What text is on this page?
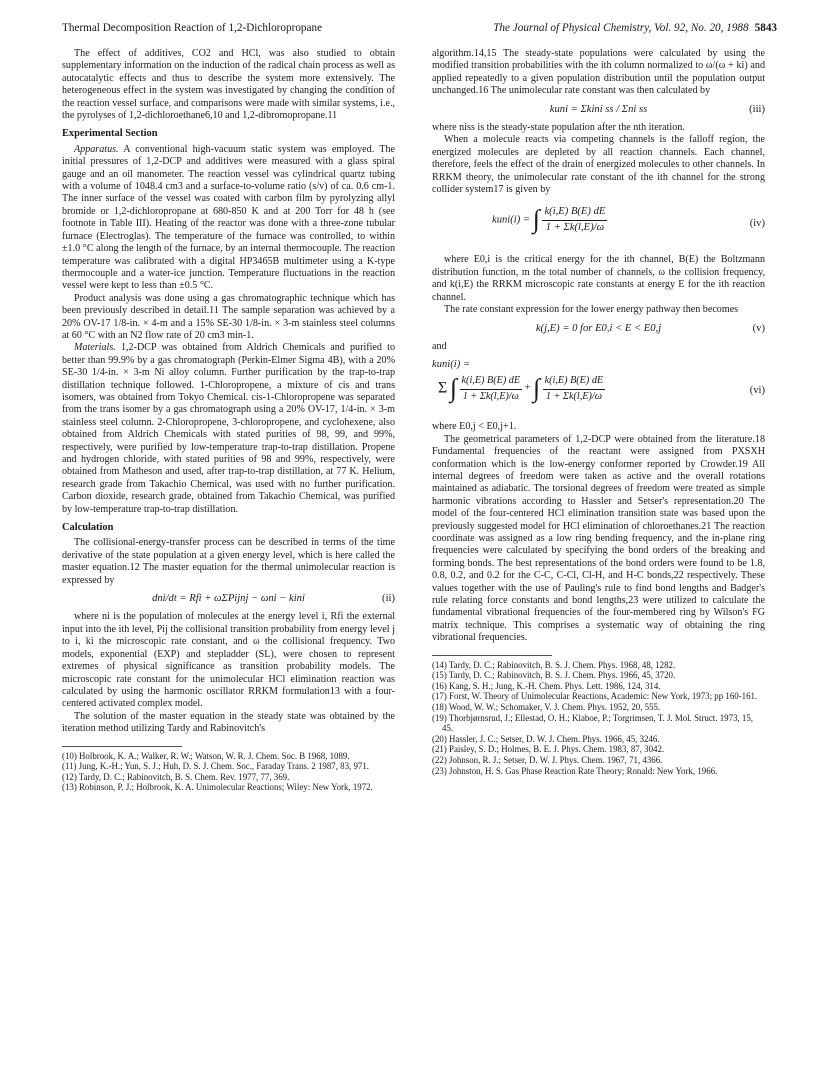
Thermal Decomposition Reaction of 1,2-Dichloropropane	The Journal of Physical Chemistry, Vol. 92, No. 20, 1988 5843

The effect of additives, CO2 and HCl, was also studied to obtain supplementary information on the induction of the radical chain process as well as autocatalytic effects and thus to describe the system more extensively. The heterogeneous effect in the system was investigated by changing the condition of the reaction vessel surface, and comparisons were made with similar systems, i.e., the pyrolyses of 1,2-dichloroethane6,10 and 1,2-dibromopropane.11

Experimental Section

Apparatus. A conventional high-vacuum static system was employed. The initial pressures of 1,2-DCP and additives were measured with a glass spiral gauge and an oil manometer. The reaction vessel was cylindrical quartz tubing with a volume of 1048.4 cm3 and a surface-to-volume ratio (s/v) of ca. 0.6 cm-1. The inner surface of the vessel was coated with carbon film by pyrolyzing allyl bromide or 1,2-dichloropropane at 680-850 K and at 200 Torr for 48 h (see footnote in Table III). Heating of the reactor was done with a three-zone tubular furnace (Electroglas). The temperature of the furnace was controlled, to within ±1.0 °C along the length of the furnace, by an internal thermocouple. The reaction temperature was calibrated with a digital HP3465B multimeter using a K-type thermocouple and a water-ice junction. Temperature fluctuations in the reaction vessel were kept to less than ±0.5 °C.

Product analysis was done using a gas chromatographic technique which has been previously described in detail.11 The sample separation was achieved by a 20% OV-17 1/8-in. × 4-m and a 15% SE-30 1/8-in. × 3-m stainless steel columns at 60 °C with an N2 flow rate of 20 cm3 min-1.

Materials. 1,2-DCP was obtained from Aldrich Chemicals and purified to better than 99.9% by a gas chromatograph (Perkin-Elmer Sigma 4B), with a 20% SE-30 1/4-in. × 3-m Ni alloy column. Further purification by the trap-to-trap distillation technique followed. 1-Chloropropene, a mixture of cis and trans isomers, was obtained from Tokyo Chemical. cis-1-Chloropropene was separated from the trans isomer by a gas chromatograph using a 20% OV-17, 1/4-in. × 3-m stainless steel column. 2-Chloropropene, 3-chloropropene, and cyclohexene, also obtained from Aldrich Chemicals with stated purities of 98, 99, and 99%, respectively, were purified by low-temperature trap-to-trap distillation. Propene and hydrogen chloride, with stated purities of 98 and 99%, respectively, were obtained from Matheson and used, after trap-to-trap distillation, at 77 K. Helium, research grade from Takachio Chemical, was used with no further purification. Carbon dioxide, research grade, obtained from Takachio Chemical, was purified by low-temperature trap-to-trap distillation.

Calculation

The collisional-energy-transfer process can be described in terms of the time derivative of the state population at a given energy level, which is here called the master equation.12 The master equation for the thermal unimolecular reaction is expressed by

dni/dt = Rfi + ωΣPijnj − ωni − kini	(ii)

where ni is the population of molecules at the energy level i, Rfi the external input into the ith level, Pij the collisional transition probability from energy level j to i, ki the microscopic rate constant, and ω the collisional frequency. Two models, exponential (EXP) and stepladder (SL), were chosen to represent extremes of physical significance as transition probability models. The microscopic rate constant for the unimolecular HCl elimination reaction was calculated by using the harmonic oscillator RRKM formulation13 with a four-centered activated complex model.

The solution of the master equation in the steady state was obtained by the iteration method utilizing Tardy and Rabinovitch's

(10) Holbrook, K. A.; Walker, R. W.; Watson, W. R. J. Chem. Soc. B 1968, 1089.

(11) Jung, K.-H.; Yun, S. J.; Huh, D. S. J. Chem. Soc., Faraday Trans. 2 1987, 83, 971.

(12) Tardy, D. C.; Rabinovitch, B. S. Chem. Rev. 1977, 77, 369.

(13) Robinson, P. J.; Holbrook, K. A. Unimolecular Reactions; Wiley: New York, 1972.

algorithm.14,15 The steady-state populations were calculated by using the modified transition probabilities with the ith column normalized to ω/(ω + ki) and applied repeatedly to a given population distribution until the population output unchanged.16 The unimolecular rate constant was then calculated by

kuni = Σkini ss / Σni ss	(iii)

where niss is the steady-state population after the nth iteration.

When a molecule reacts via competing channels is the falloff region, the energized molecules are depleted by all reaction channels. Each channel, therefore, feels the effect of the drain of energized molecules to other channels. In RRKM theory, the unimolecular rate constant of the ith channel for the strong collider system17 is given by

kuni(i) = ∫ $\frac{k(i,E) B(E) dE}{1 + \Sigma k(l,E)/\omega}$	(iv)

where E0,i is the critical energy for the ith channel, B(E) the Boltzmann distribution function, m the total number of channels, ω the collision frequency, and k(i,E) the RRKM microscopic rate constants at energy E for the ith reaction channel.

The rate constant expression for the lower energy pathway then becomes

k(j,E) = 0 for E0,i < E < E0,j	(v)

and

kuni(i) =
Σ ∫ $\frac{k(i,E) B(E) dE}{1 + \Sigma k(l,E)/\omega}$ + ∫ $\frac{k(i,E) B(E) dE}{1 + \Sigma k(l,E)/\omega}$	(vi)

where E0,j < E0,j+1.

The geometrical parameters of 1,2-DCP were obtained from the literature.18 Fundamental frequencies of the reactant were assigned from PXSXH conformation which is the low-energy conformer reported by Crowder.19 All internal degrees of freedom were taken as active and the overall rotations maintained as adiabatic. The torsional degrees of freedom were treated as simple harmonic vibrations according to Hassler and Setser's representation.20 The model of the four-centered HCl elimination transition state was based upon the previously suggested model for HCl elimination of chloroethanes.21 The reaction coordinate was assigned as a low ring bending frequency, and the in-plane ring frequencies were calculated by specifying the bond orders of the breaking and forming bonds. The best representations of the bond orders were found to be 1.8, 0.8, 0.2, and 0.2 for the C-C, C-Cl, Cl-H, and H-C bonds,22 respectively. These values together with the use of Pauling's rule to find bond lengths and Badger's rule relating force constants and bond lengths,23 were utilized to calculate the fundamental vibrational frequencies of the four-membered ring by Wilson's FG matrix technique. This comprises a systematic way of obtaining the ring vibrational frequencies.

(14) Tardy, D. C.; Rabinovitch, B. S. J. Chem. Phys. 1968, 48, 1282.

(15) Tardy, D. C.; Rabinovitch, B. S. J. Chem. Phys. 1966, 45, 3720.

(16) Kang, S. H.; Jung, K.-H. Chem. Phys. Lett. 1986, 124, 314.

(17) Forst, W. Theory of Unimolecular Reactions, Academic: New York, 1973; pp 160-161.

(18) Wood, W. W.; Schomaker, V. J. Chem. Phys. 1952, 20, 555.

(19) Thorbjørnsrud, J.; Ellestad, O. H.; Klaboe, P.; Torgrimsen, T. J. Mol. Struct. 1973, 15, 45.

(20) Hassler, J. C.; Setser, D. W. J. Chem. Phys. 1966, 45, 3246.

(21) Paisley, S. D.; Holmes, B. E. J. Phys. Chem. 1983, 87, 3042.

(22) Johnson, R. J.; Setser, D. W. J. Phys. Chem. 1967, 71, 4366.

(23) Johnston, H. S. Gas Phase Reaction Rate Theory; Ronald: New York, 1966.
